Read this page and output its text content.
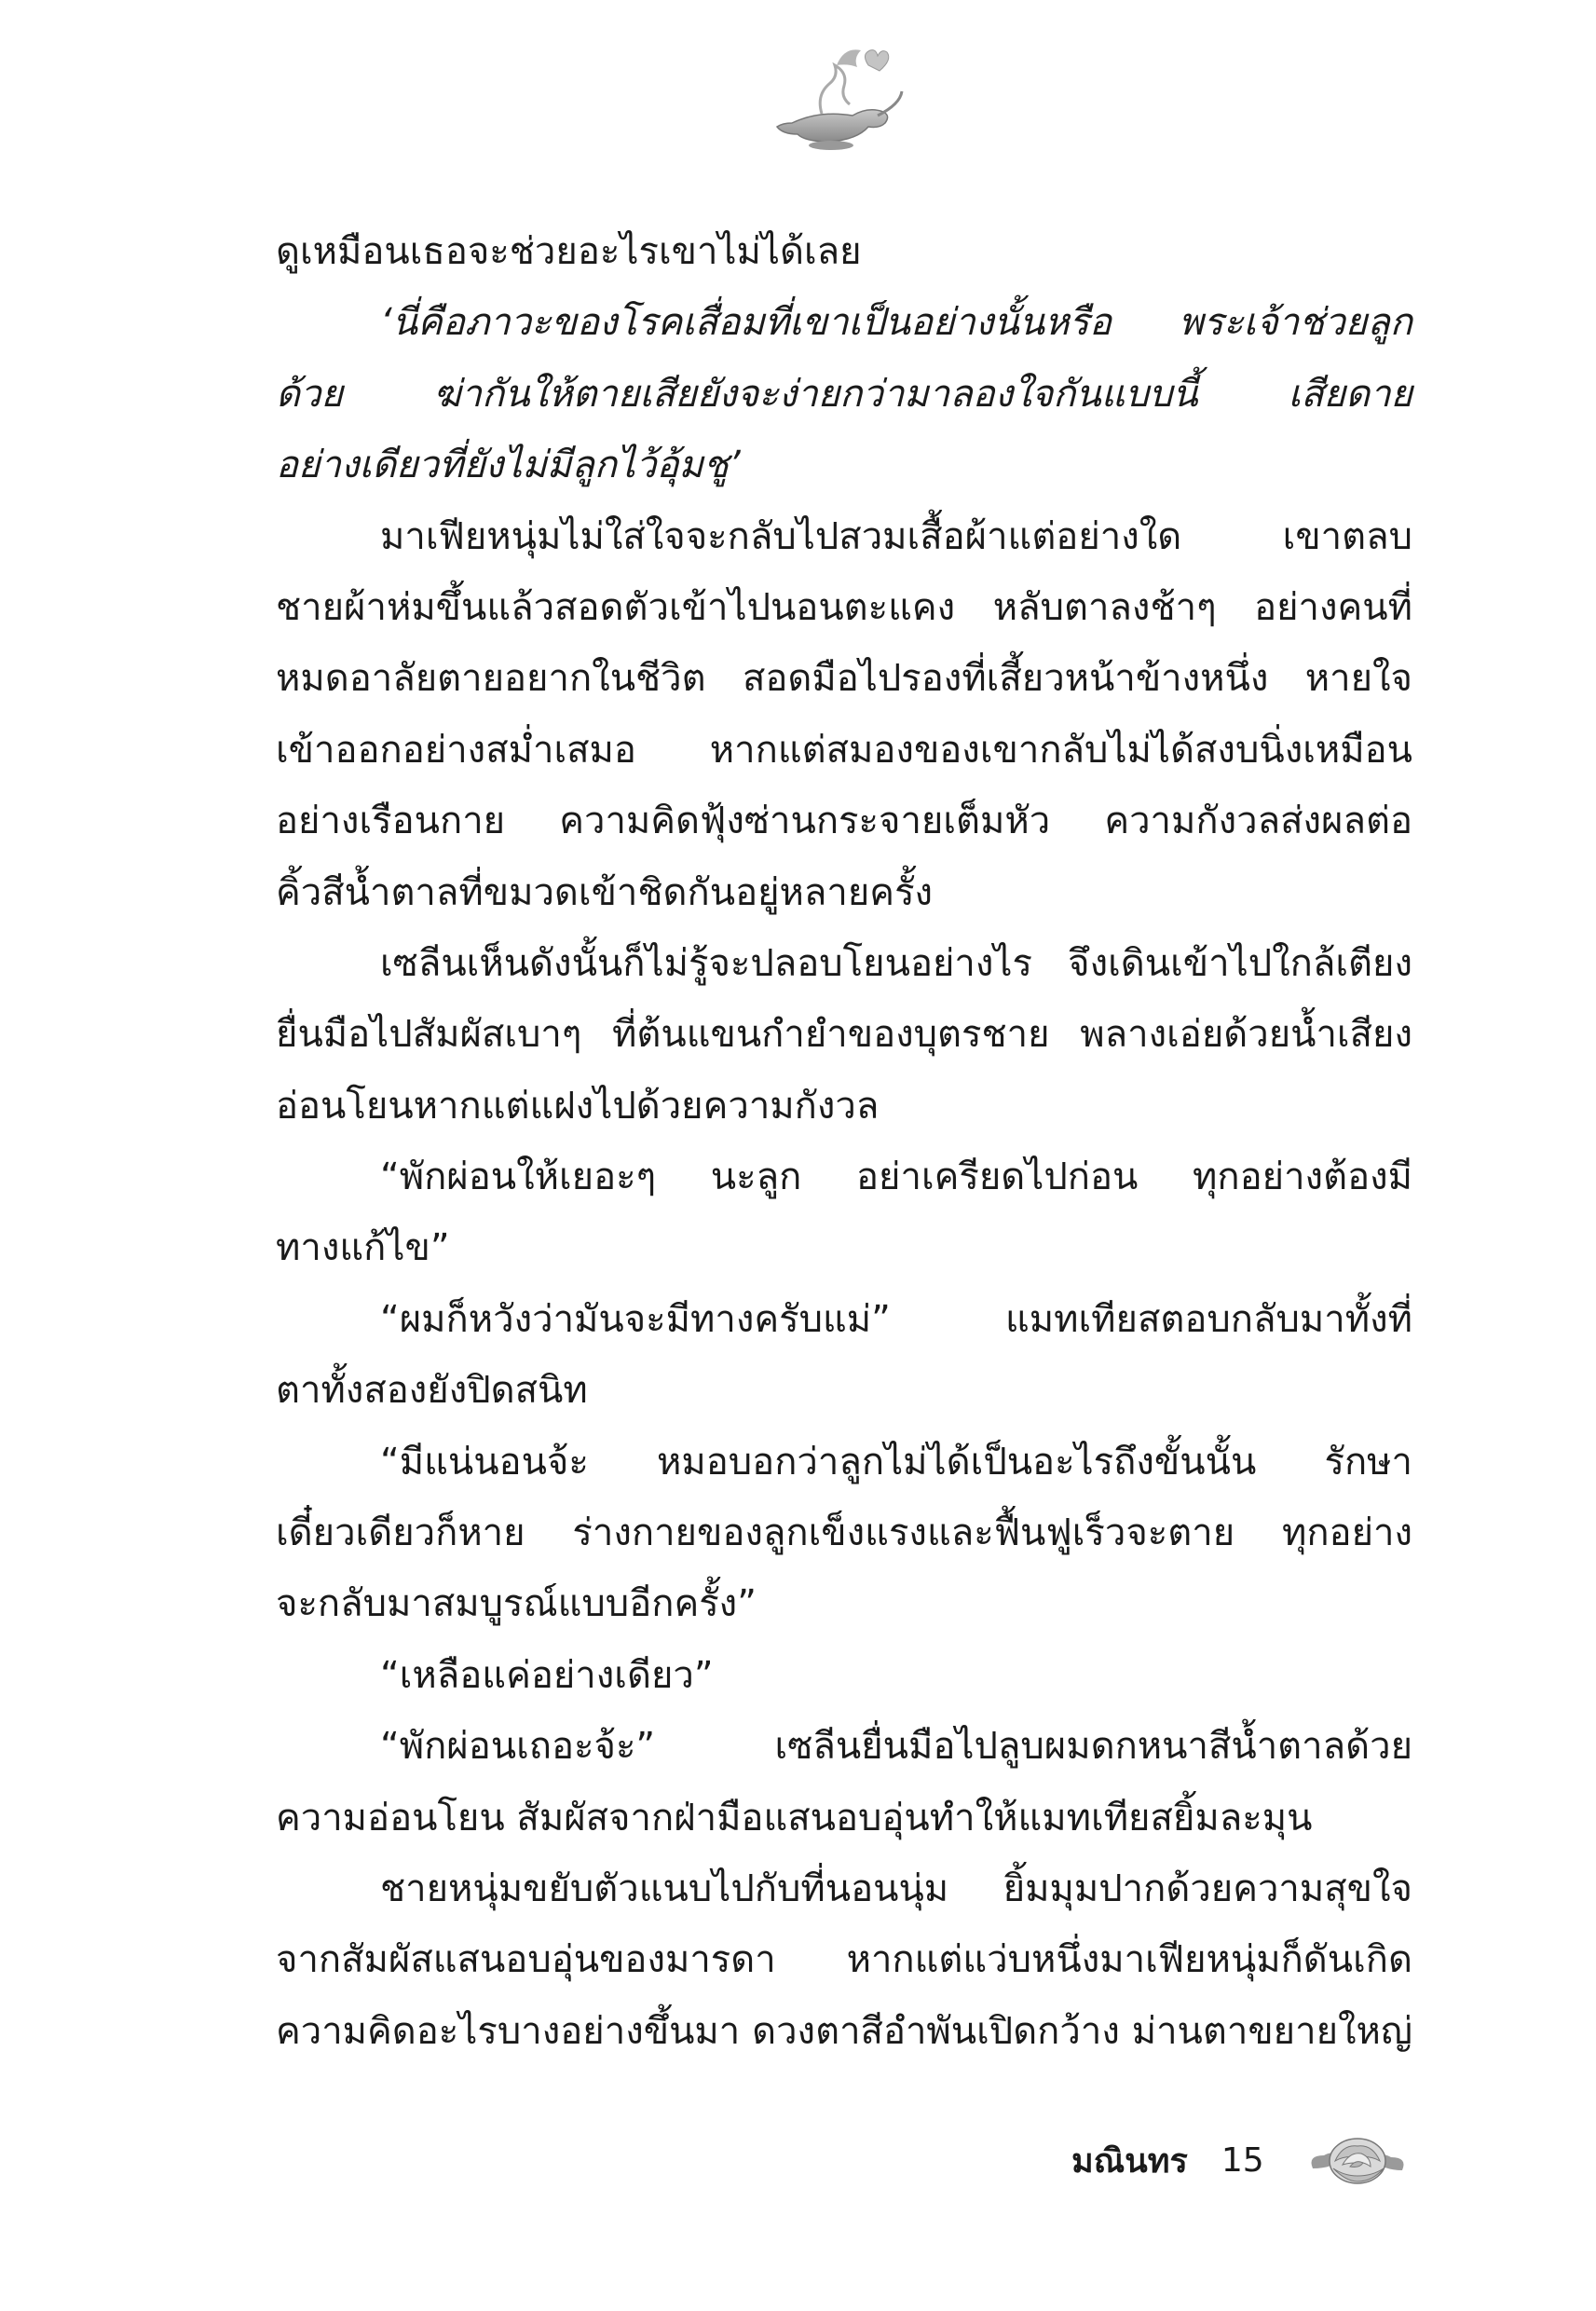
ดูเหมือนเธอจะช่วยอะไรเขาไม่ได้เลย
‘นี่คือภาวะของโรคเสื่อมที่เขาเป็นอย่างนั้นหรือ พระเจ้าช่วยลูก
ด้วย ฆ่ากันให้ตายเสียยังจะง่ายกว่ามาลองใจกันแบบนี้ เสียดาย
อย่างเดียวที่ยังไม่มีลูกไว้อุ้มชู’
มาเฟียหนุ่มไม่ใส่ใจจะกลับไปสวมเสื้อผ้าแต่อย่างใด เขาตลบ
ชายผ้าห่มขึ้นแล้วสอดตัวเข้าไปนอนตะแคง หลับตาลงช้าๆ อย่างคนที่
หมดอาลัยตายอยากในชีวิต สอดมือไปรองที่เสี้ยวหน้าข้างหนึ่ง หายใจ
เข้าออกอย่างสม่ำเสมอ หากแต่สมองของเขากลับไม่ได้สงบนิ่งเหมือน
อย่างเรือนกาย ความคิดฟุ้งซ่านกระจายเต็มหัว ความกังวลส่งผลต่อ
คิ้วสีน้ำตาลที่ขมวดเข้าชิดกันอยู่หลายครั้ง
เซลีนเห็นดังนั้นก็ไม่รู้จะปลอบโยนอย่างไร จึงเดินเข้าไปใกล้เตียง
ยื่นมือไปสัมผัสเบาๆ ที่ต้นแขนกำยำของบุตรชาย พลางเอ่ยด้วยน้ำเสียง
อ่อนโยนหากแต่แฝงไปด้วยความกังวล
“พักผ่อนให้เยอะๆ นะลูก อย่าเครียดไปก่อน ทุกอย่างต้องมี
ทางแก้ไข”
“ผมก็หวังว่ามันจะมีทางครับแม่” แมทเทียสตอบกลับมาทั้งที่
ตาทั้งสองยังปิดสนิท
“มีแน่นอนจ้ะ หมอบอกว่าลูกไม่ได้เป็นอะไรถึงขั้นนั้น รักษา
เดี๋ยวเดียวก็หาย ร่างกายของลูกเข็งแรงและฟื้นฟูเร็วจะตาย ทุกอย่าง
จะกลับมาสมบูรณ์แบบอีกครั้ง”
“เหลือแค่อย่างเดียว”
“พักผ่อนเถอะจ้ะ” เซลีนยื่นมือไปลูบผมดกหนาสีน้ำตาลด้วย
ความอ่อนโยน สัมผัสจากฝ่ามือแสนอบอุ่นทำให้แมทเทียสยิ้มละมุน
ชายหนุ่มขยับตัวแนบไปกับที่นอนนุ่ม ยิ้มมุมปากด้วยความสุขใจ
จากสัมผัสแสนอบอุ่นของมารดา หากแต่แว่บหนึ่งมาเฟียหนุ่มก็ดันเกิด
ความคิดอะไรบางอย่างขึ้นมา ดวงตาสีอำพันเปิดกว้าง ม่านตาขยายใหญ่
มณินทร 15
